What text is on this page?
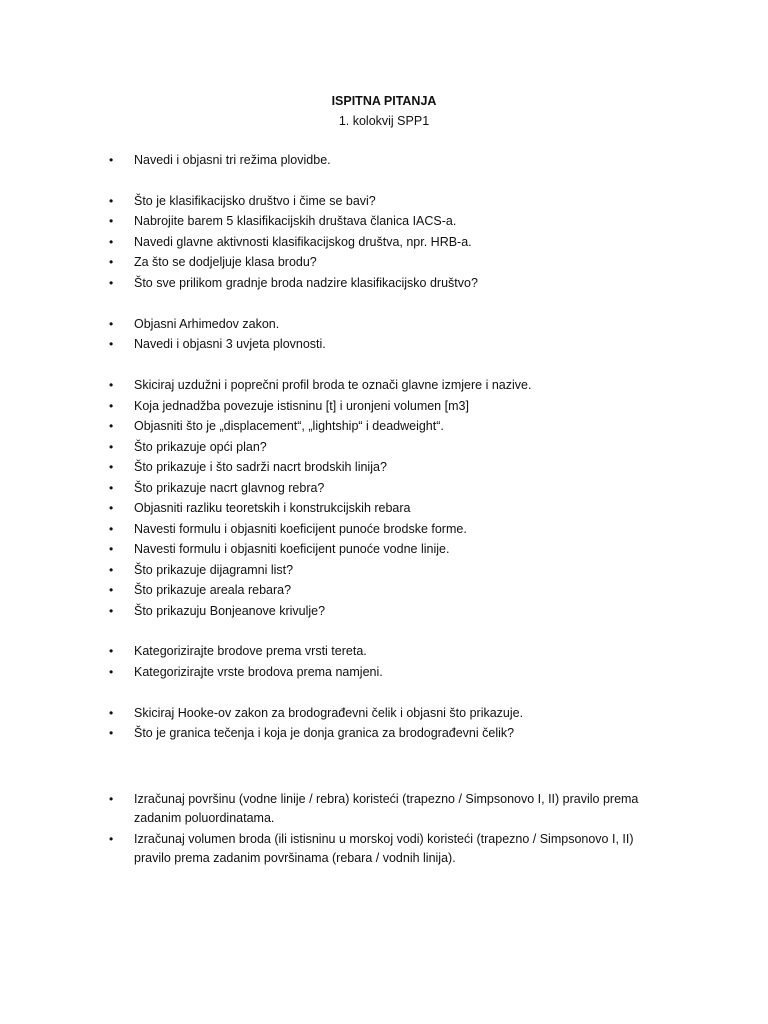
ISPITNA PITANJA
1. kolokvij SPP1
• Navedi i objasni tri režima plovidbe.
• Što je klasifikacijsko društvo i čime se bavi?
• Nabrojite barem 5 klasifikacijskih društava članica IACS-a.
• Navedi glavne aktivnosti klasifikacijskog društva, npr. HRB-a.
• Za što se dodjeljuje klasa brodu?
• Što sve prilikom gradnje broda nadzire klasifikacijsko društvo?
• Objasni Arhimedov zakon.
• Navedi i objasni 3 uvjeta plovnosti.
• Skiciraj uzdužni i poprečni profil broda te označi glavne izmjere i nazive.
• Koja jednadžba povezuje istisninu [t] i uronjeni volumen [m3]
• Objasniti što je „displacement“, „lightship“ i deadweight“.
• Što prikazuje opći plan?
• Što prikazuje i što sadrži nacrt brodskih linija?
• Što prikazuje nacrt glavnog rebra?
• Objasniti razliku teoretskih i konstrukcijskih rebara
• Navesti formulu i objasniti koeficijent punoće brodske forme.
• Navesti formulu i objasniti koeficijent punoće vodne linije.
• Što prikazuje dijagramni list?
• Što prikazuje areala rebara?
• Što prikazuju Bonjeanove krivulje?
• Kategorizirajte brodove prema vrsti tereta.
• Kategorizirajte vrste brodova prema namjeni.
• Skiciraj Hooke-ov zakon za brodograđevni čelik i objasni što prikazuje.
• Što je granica tečenja i koja je donja granica za brodograđevni čelik?
• Izračunaj površinu (vodne linije / rebra) koristeći (trapezno / Simpsonovo I, II) pravilo prema zadanim poluordinatama.
• Izračunaj volumen broda (ili istisninu u morskoj vodi) koristeći (trapezno / Simpsonovo I, II) pravilo prema zadanim površinama (rebara / vodnih linija).
